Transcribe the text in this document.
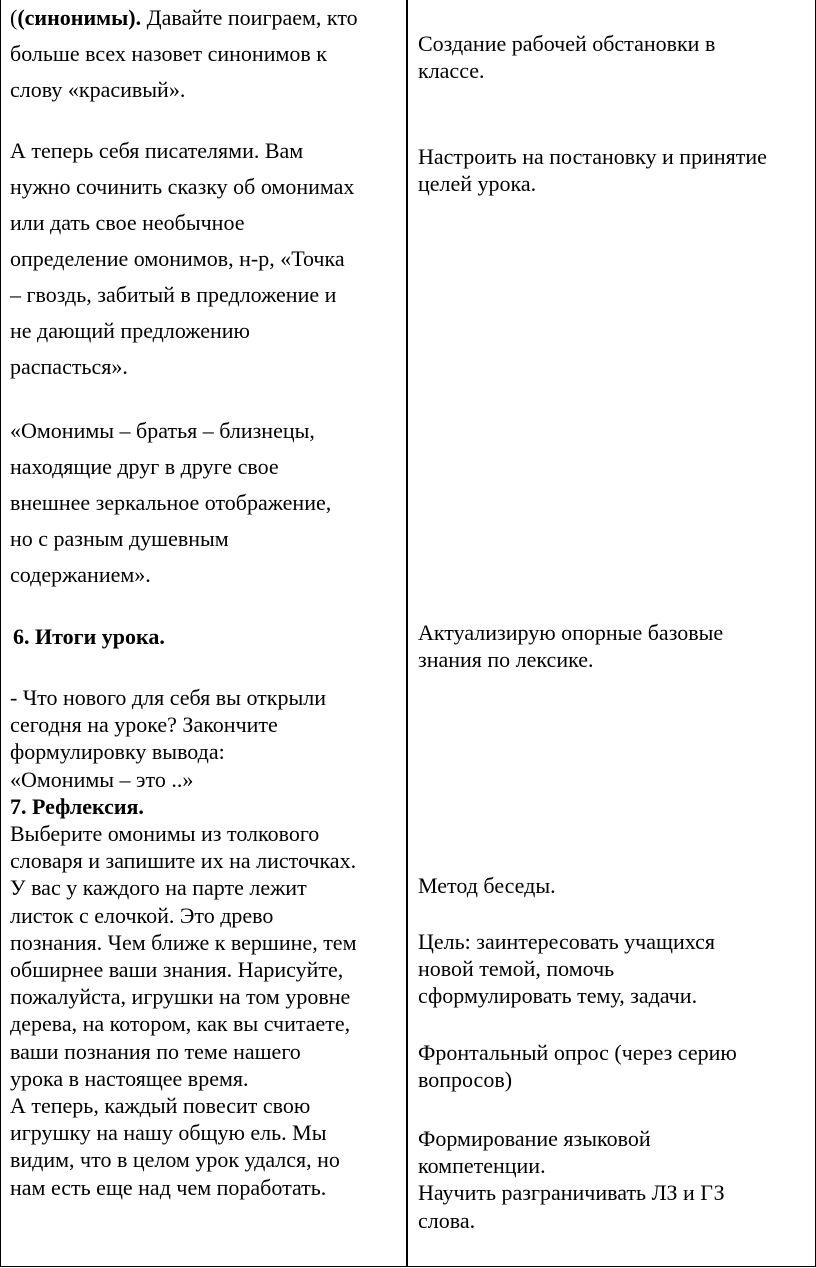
((синонимы). Давайте поиграем, кто
больше всех назовет синонимов к
слову «красивый».
А теперь себя писателями. Вам
нужно сочинить сказку об омонимах
или дать свое необычное
определение омонимов, н-р, «Точка
– гвоздь, забитый в предложение и
не дающий предложению
распасться».
«Омонимы – братья – близнецы,
находящие друг в друге свое
внешнее зеркальное отображение,
но с разным душевным
содержанием».
6. Итоги урока.
- Что нового для себя вы открыли
сегодня на уроке? Закончите
формулировку вывода:
«Омонимы – это ..»
7. Рефлексия.
Выберите омонимы из толкового
словаря и запишите их на листочках.
У вас у каждого на парте лежит
листок с елочкой. Это древо
познания. Чем ближе к вершине, тем
обширнее ваши знания. Нарисуйте,
пожалуйста, игрушки на том уровне
дерева, на котором, как вы считаете,
ваши познания по теме нашего
урока в настоящее время.
А теперь, каждый повесит свою
игрушку на нашу общую ель. Мы
видим, что в целом урок удался, но
нам есть еще над чем поработать.
Создание рабочей обстановки в
классе.
Настроить на постановку и принятие
целей урока.
Актуализирую опорные базовые
знания по лексике.
Метод беседы.
Цель: заинтересовать учащихся
новой темой, помочь
сформулировать тему, задачи.
Фронтальный опрос (через серию
вопросов)
Формирование языковой
компетенции.
Научить разграничивать ЛЗ и ГЗ
слова.
